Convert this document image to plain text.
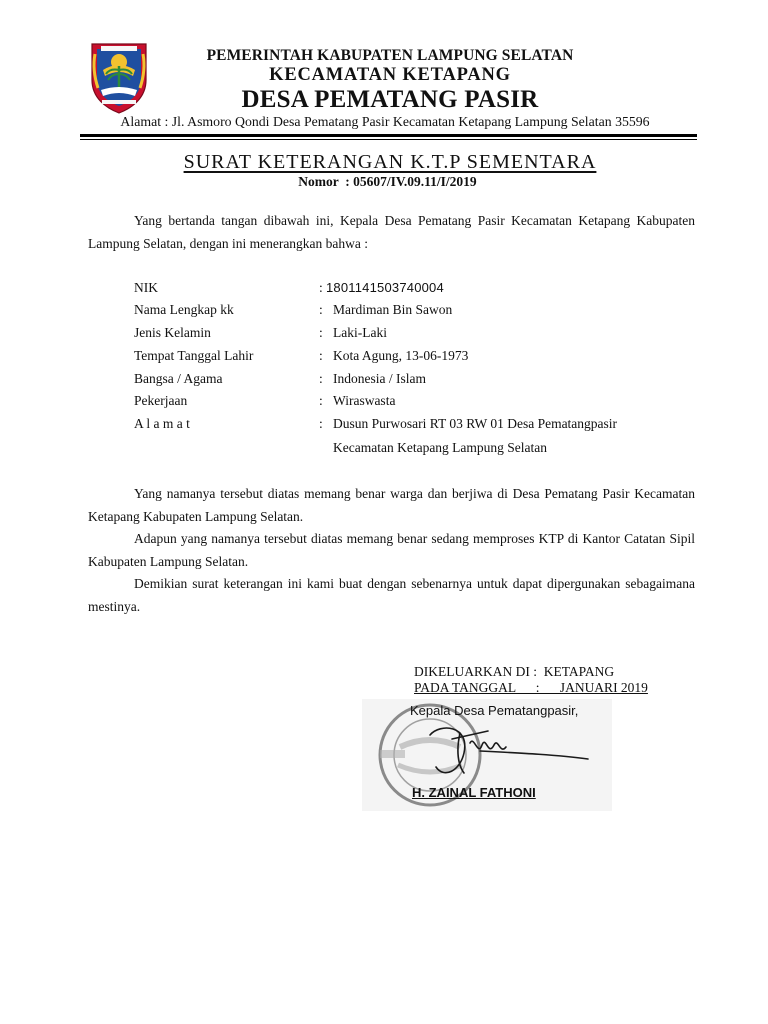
PEMERINTAH KABUPATEN LAMPUNG SELATAN
KECAMATAN KETAPANG
DESA PEMATANG PASIR
Alamat : Jl. Asmoro Qondi Desa Pematang Pasir Kecamatan Ketapang Lampung Selatan 35596
SURAT KETERANGAN K.T.P SEMENTARA
Nomor  : 05607/IV.09.11/I/2019
Yang bertanda tangan dibawah ini, Kepala Desa Pematang Pasir Kecamatan Ketapang Kabupaten Lampung Selatan, dengan ini menerangkan bahwa :
NIK	: 1801141503740004
Nama Lengkap kk	: Mardiman Bin Sawon
Jenis Kelamin	: Laki-Laki
Tempat Tanggal Lahir	: Kota Agung, 13-06-1973
Bangsa / Agama	: Indonesia / Islam
Pekerjaan	: Wiraswasta
A l a m a t	: Dusun Purwosari RT 03 RW 01 Desa Pematangpasir
Kecamatan Ketapang Lampung Selatan
Yang namanya tersebut diatas memang benar warga dan berjiwa di Desa Pematang Pasir Kecamatan Ketapang Kabupaten Lampung Selatan.
Adapun yang namanya tersebut diatas memang benar sedang memproses KTP di Kantor Catatan Sipil Kabupaten Lampung Selatan.
Demikian surat keterangan ini kami buat dengan sebenarnya untuk dapat dipergunakan sebagaimana mestinya.
DIKELUARKAN DI :  KETAPANG
PADA TANGGAL      :      JANUARI 2019
Kepala Desa Pematangpasir,
H. ZAINAL FATHONI
